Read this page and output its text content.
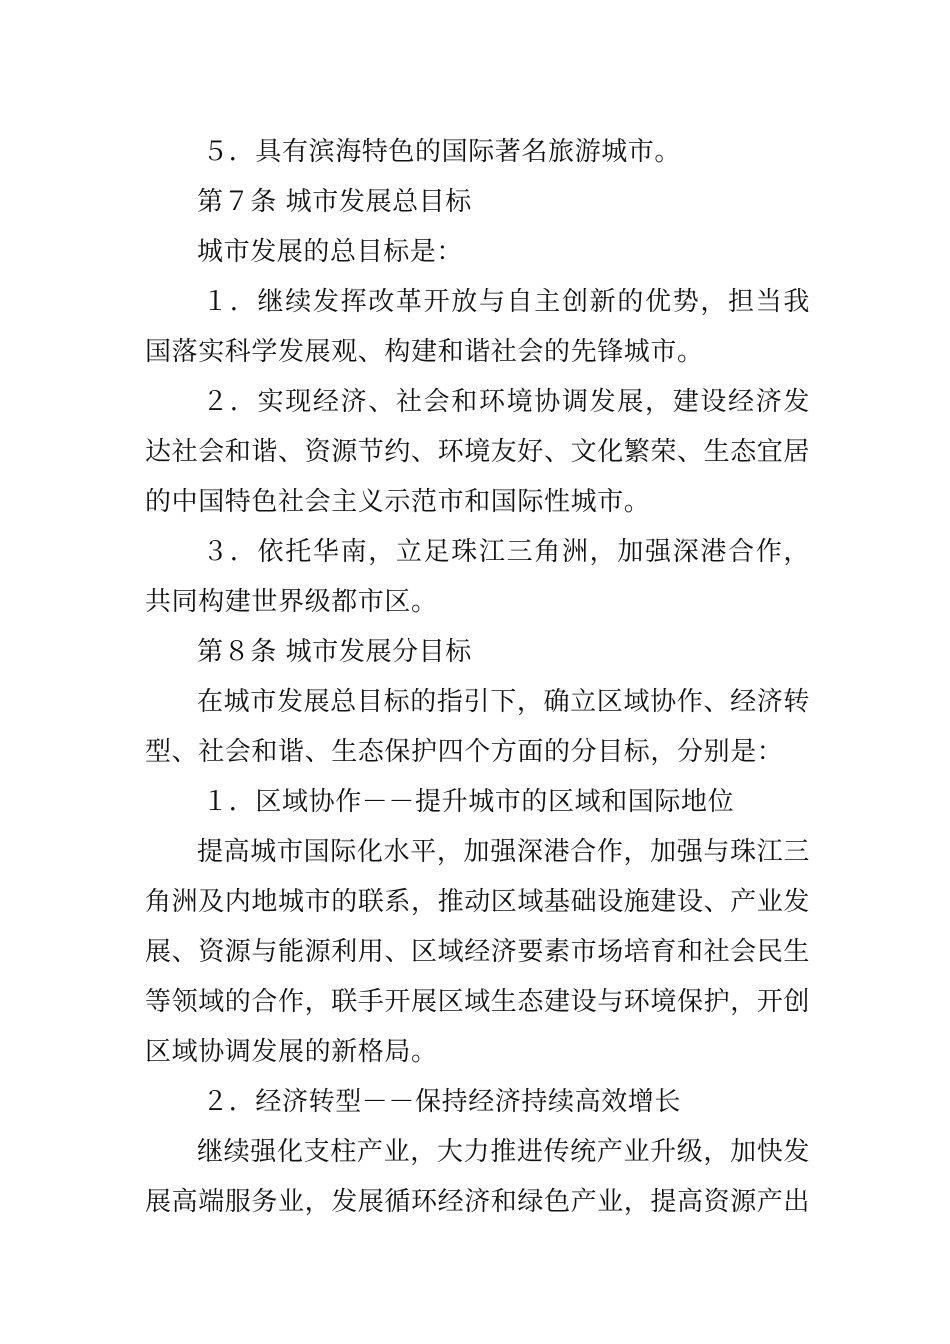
５．具有滨海特色的国际著名旅游城市。

第７条 城市发展总目标

城市发展的总目标是：

１．继续发挥改革开放与自主创新的优势，担当我国落实科学发展观、构建和谐社会的先锋城市。

２．实现经济、社会和环境协调发展，建设经济发达社会和谐、资源节约、环境友好、文化繁荣、生态宜居的中国特色社会主义示范市和国际性城市。

３．依托华南，立足珠江三角洲，加强深港合作，共同构建世界级都市区。

第８条 城市发展分目标

在城市发展总目标的指引下，确立区域协作、经济转型、社会和谐、生态保护四个方面的分目标，分别是：

１．区域协作－－提升城市的区域和国际地位

提高城市国际化水平，加强深港合作，加强与珠江三角洲及内地城市的联系，推动区域基础设施建设、产业发展、资源与能源利用、区域经济要素市场培育和社会民生等领域的合作，联手开展区域生态建设与环境保护，开创区域协调发展的新格局。

２．经济转型－－保持经济持续高效增长

继续强化支柱产业，大力推进传统产业升级，加快发展高端服务业，发展循环经济和绿色产业，提高资源产出
